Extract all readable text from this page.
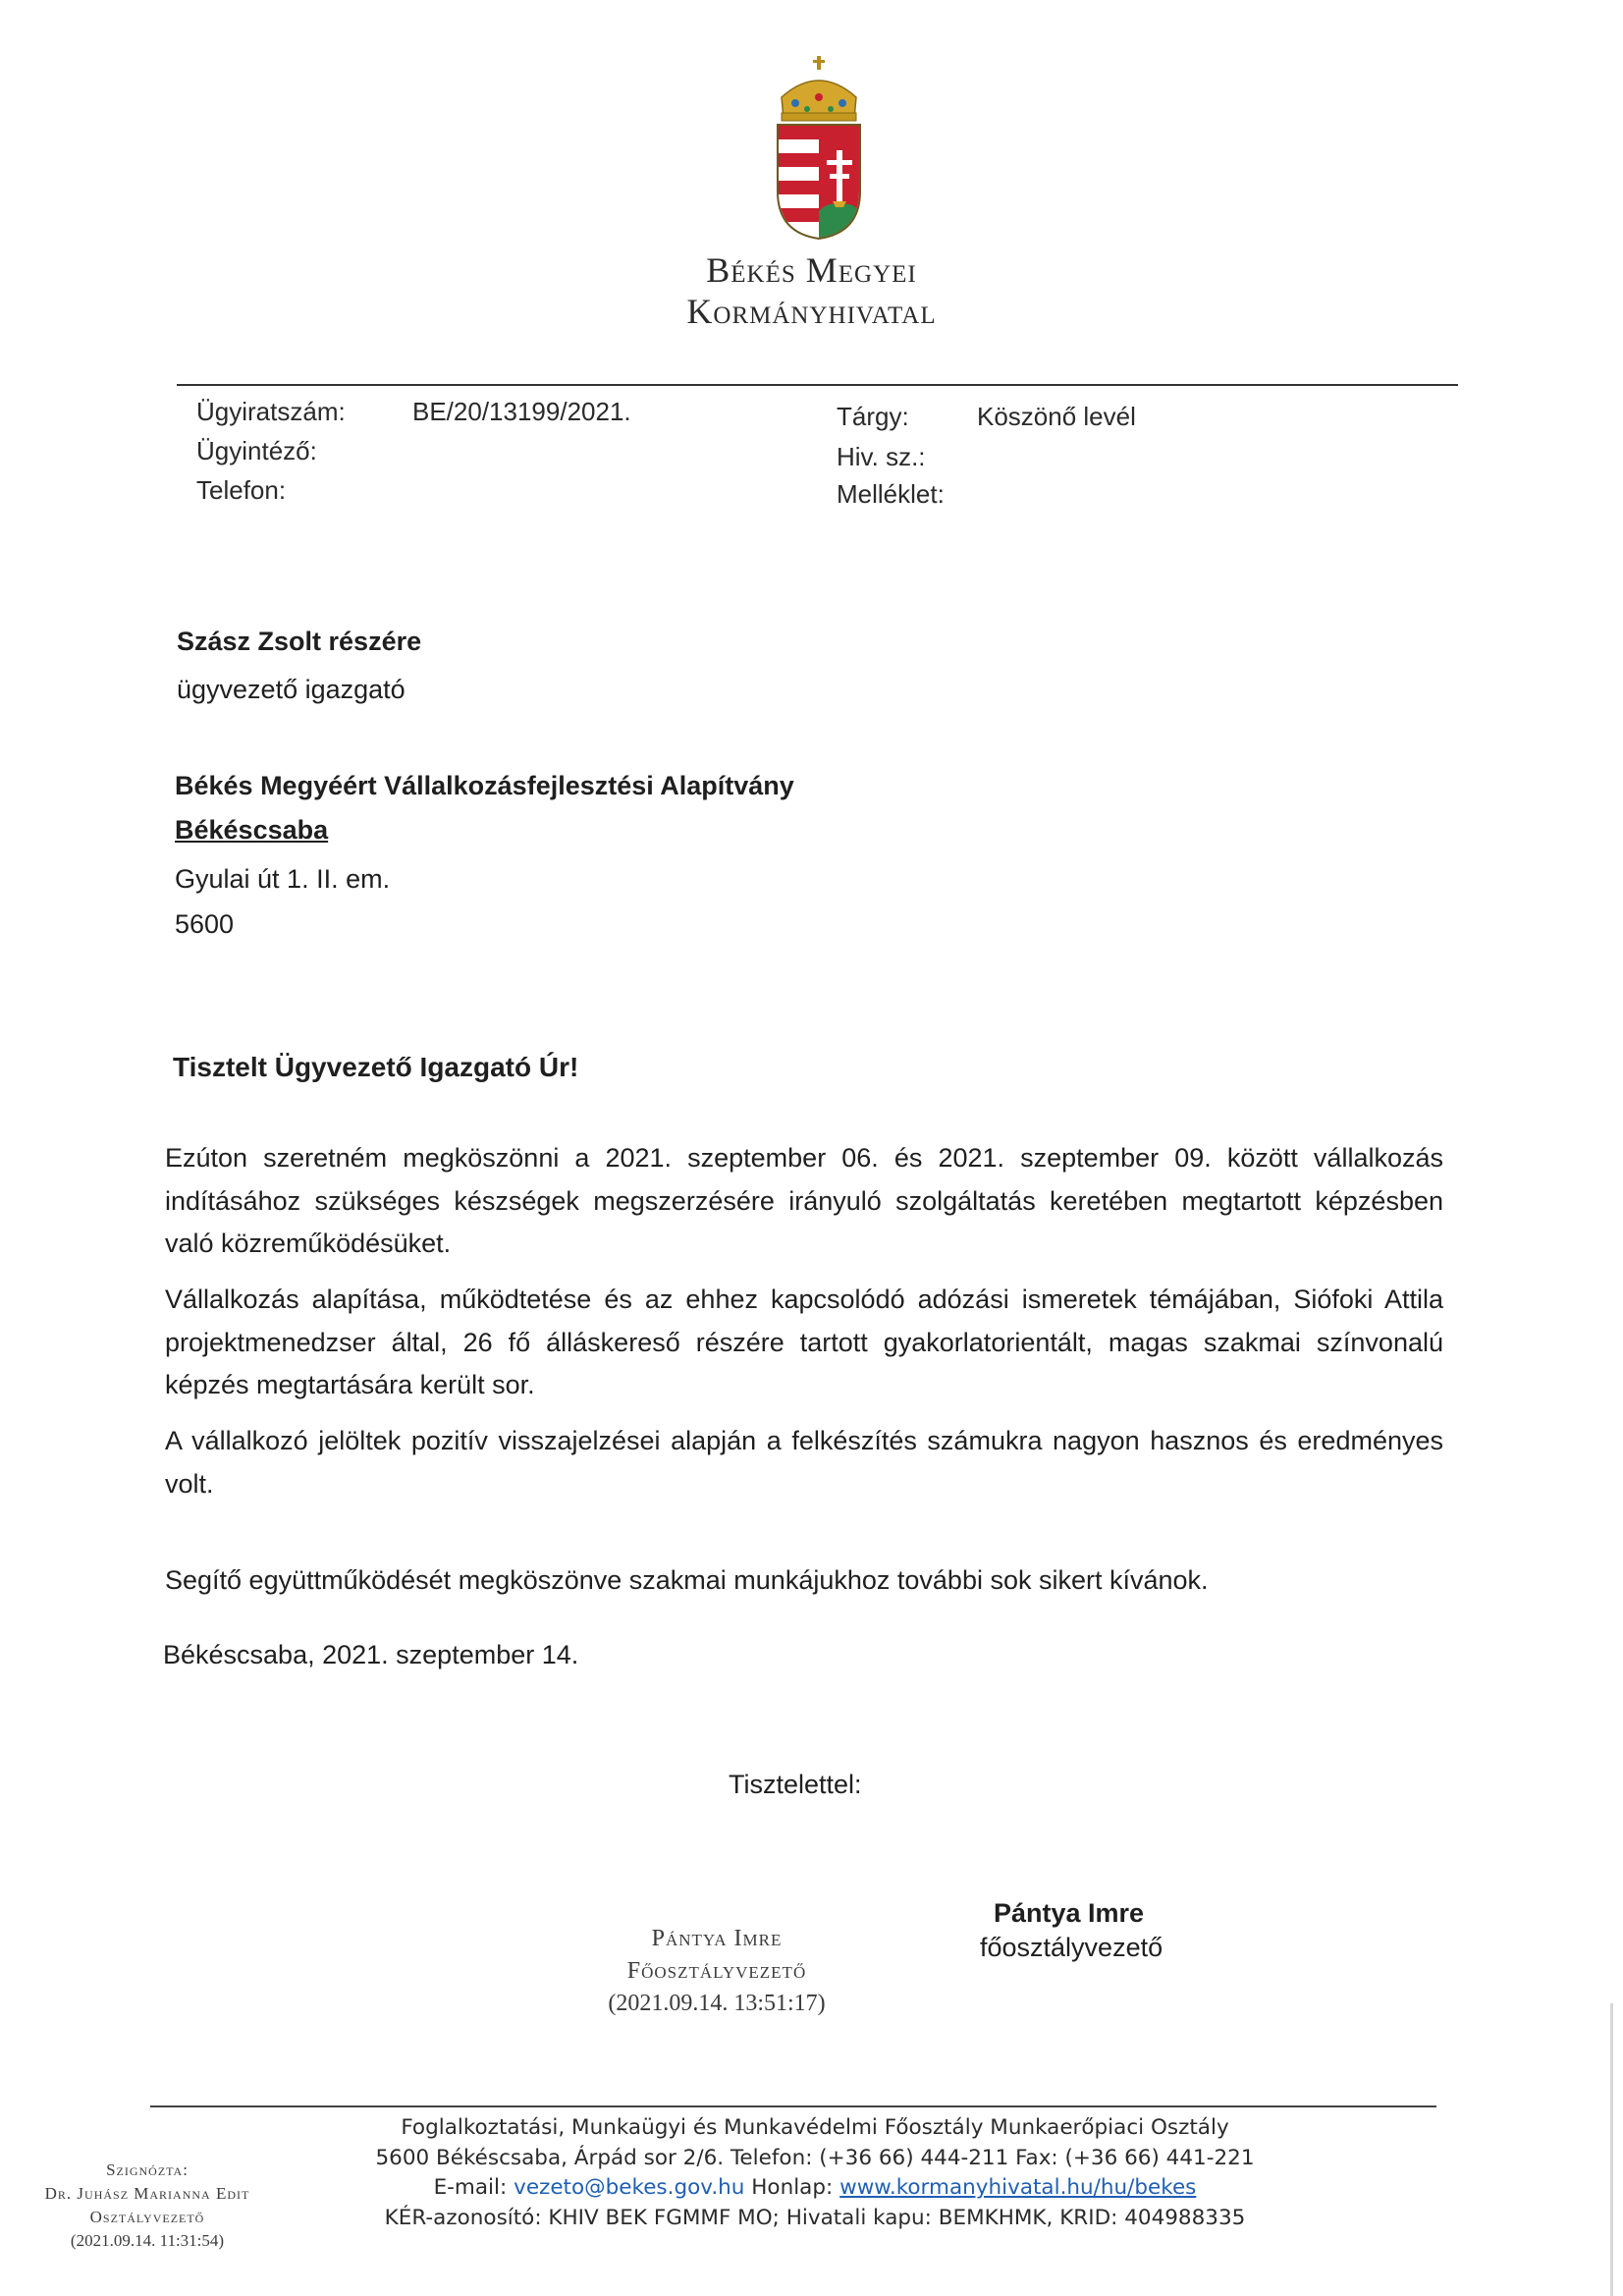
Békés Megyei
Kormányhivatal
Ügyiratszám:	BE/20/13199/2021.
Ügyintéző:
Telefon:
Tárgy:	Köszönő levél
Hiv. sz.:
Melléklet:
Szász Zsolt részére
ügyvezető igazgató
Békés Megyéért Vállalkozásfejlesztési Alapítvány
Békéscsaba
Gyulai út 1. II. em.
5600
Tisztelt Ügyvezető Igazgató Úr!
Ezúton szeretném megköszönni a 2021. szeptember 06. és 2021. szeptember 09. között vállalkozás indításához szükséges készségek megszerzésére irányuló szolgáltatás keretében megtartott képzésben való közreműködésüket.
Vállalkozás alapítása, működtetése és az ehhez kapcsolódó adózási ismeretek témájában, Siófoki Attila projektmenedzser által, 26 fő álláskereső részére tartott gyakorlatorientált, magas szakmai színvonalú képzés megtartására került sor.
A vállalkozó jelöltek pozitív visszajelzései alapján a felkészítés számukra nagyon hasznos és eredményes volt.
Segítő együttműködését megköszönve szakmai munkájukhoz további sok sikert kívánok.
Békéscsaba, 2021. szeptember 14.
Tisztelettel:
Pántya Imre
Főosztályvezető
(2021.09.14. 13:51:17)
Pántya Imre
főosztályvezető
Foglalkoztatási, Munkaügyi és Munkavédelmi Főosztály Munkaerőpiaci Osztály
5600 Békéscsaba, Árpád sor 2/6. Telefon: (+36 66) 444-211 Fax: (+36 66) 441-221
E-mail: vezeto@bekes.gov.hu Honlap: www.kormanyhivatal.hu/hu/bekes
KÉR-azonosító: KHIV BEK FGMMF MO; Hivatali kapu: BEMKHMK, KRID: 404988335
Szignózta:
Dr. Juhász Marianna Edit
Osztályvezető
(2021.09.14. 11:31:54)
